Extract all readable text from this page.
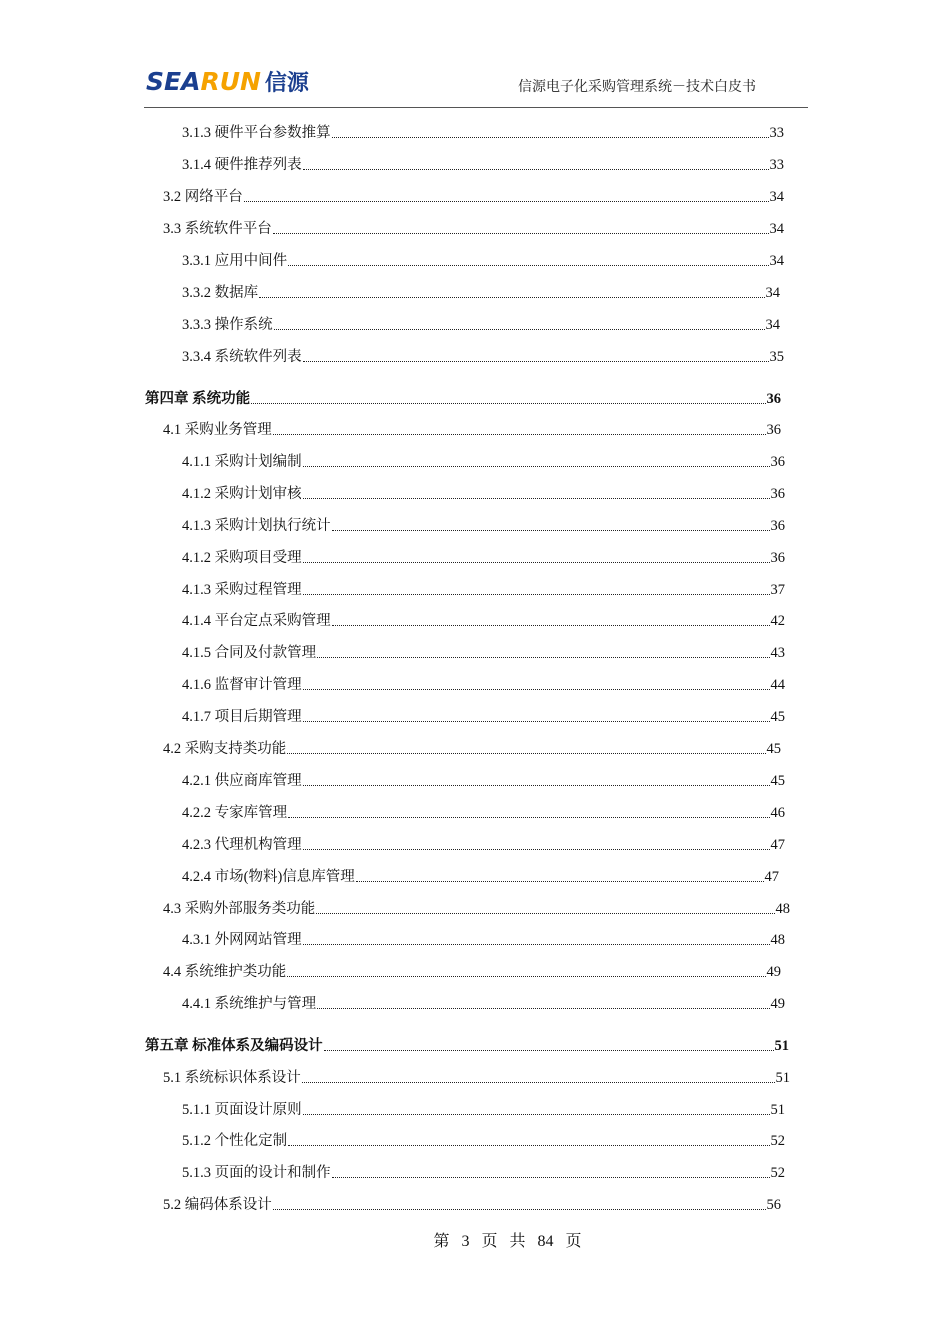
SEARUN 信源	信源电子化采购管理系统－技术白皮书
3.1.3 硬件平台参数推算	33
3.1.4 硬件推荐列表	33
3.2 网络平台	34
3.3 系统软件平台	34
3.3.1 应用中间件	34
3.3.2 数据库	34
3.3.3 操作系统	34
3.3.4 系统软件列表	35
第四章 系统功能	36
4.1 采购业务管理	36
4.1.1 采购计划编制	36
4.1.2 采购计划审核	36
4.1.3 采购计划执行统计	36
4.1.2 采购项目受理	36
4.1.3 采购过程管理	37
4.1.4 平台定点采购管理	42
4.1.5 合同及付款管理	43
4.1.6 监督审计管理	44
4.1.7 项目后期管理	45
4.2 采购支持类功能	45
4.2.1 供应商库管理	45
4.2.2 专家库管理	46
4.2.3 代理机构管理	47
4.2.4 市场(物料)信息库管理	47
4.3 采购外部服务类功能	48
4.3.1 外网网站管理	48
4.4 系统维护类功能	49
4.4.1 系统维护与管理	49
第五章 标准体系及编码设计	51
5.1 系统标识体系设计	51
5.1.1 页面设计原则	51
5.1.2 个性化定制	52
5.1.3 页面的设计和制作	52
5.2 编码体系设计	56
第 3 页 共 84 页
